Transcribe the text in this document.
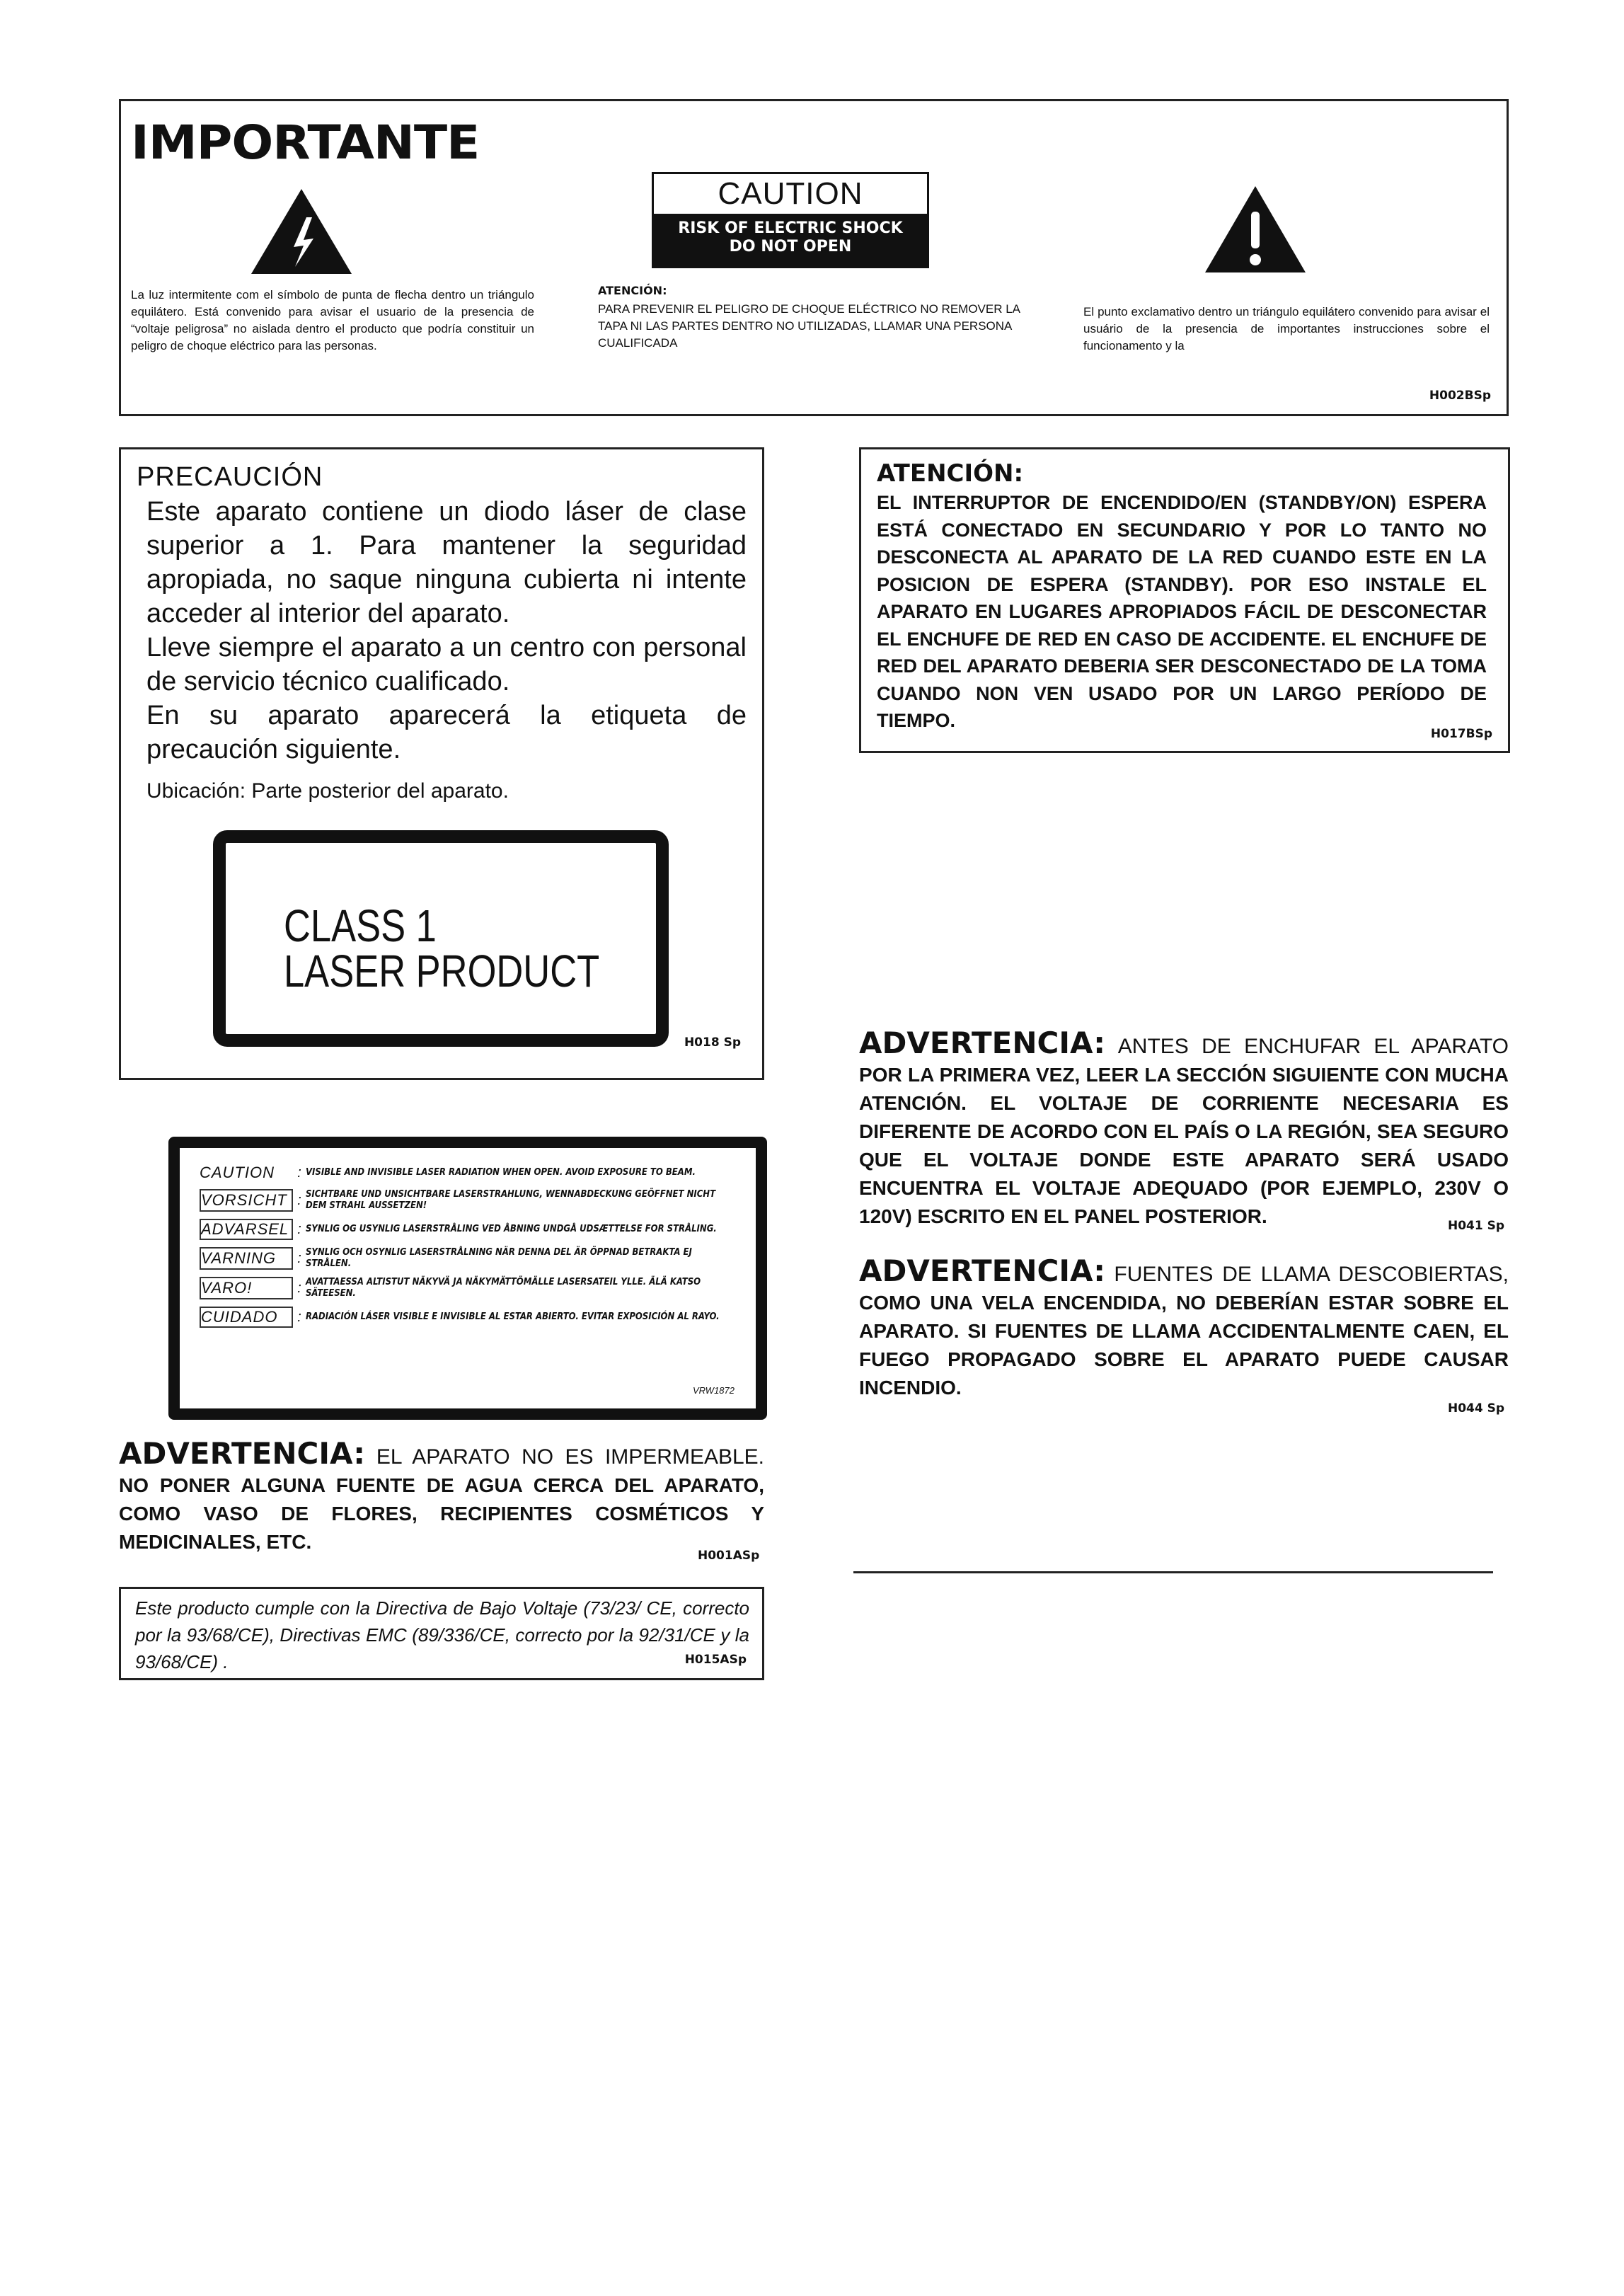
IMPORTANTE
CAUTION
RISK OF ELECTRIC SHOCK
DO NOT OPEN
La luz intermitente com el símbolo de punta de flecha dentro un triángulo equilátero. Está convenido para avisar el usuario de la presencia de “voltaje peligrosa” no aislada dentro el producto que podría constituir un peligro de choque eléctrico para las personas.
ATENCIÓN:
PARA PREVENIR EL PELIGRO DE CHOQUE ELÉCTRICO NO REMOVER LA TAPA NI LAS PARTES DENTRO NO UTILIZADAS, LLAMAR UNA PERSONA CUALIFICADA
El punto exclamativo dentro un triángulo equilátero convenido para avisar el usuário de la presencia de importantes instrucciones sobre el funcionamento y la
H002BSp
PRECAUCIÓN
Este aparato contiene un diodo láser de clase superior a 1. Para mantener la seguridad apropiada, no saque ninguna cubierta ni intente acceder al interior del aparato.
Lleve siempre el aparato a un centro con personal de servicio técnico cualificado.
En su aparato aparecerá la etiqueta de precaución siguiente.
Ubicación: Parte posterior del aparato.
CLASS 1
LASER PRODUCT
H018 Sp
CAUTION	:	VISIBLE AND INVISIBLE LASER RADIATION WHEN OPEN. AVOID EXPOSURE TO BEAM.
VORSICHT	:	SICHTBARE UND UNSICHTBARE LASERSTRAHLUNG, WENNABDECKUNG GEÖFFNET NICHT DEM STRAHL AUSSETZEN!
ADVARSEL	:	SYNLIG OG USYNLIG LASERSTRÅLING VED ÅBNING UNDGÅ UDSÆTTELSE FOR STRÅLING.
VARNING	:	SYNLIG OCH OSYNLIG LASERSTRÅLNING NÄR DENNA DEL ÄR ÖPPNAD BETRAKTA EJ STRÅLEN.
VARO!	:	AVATTAESSA ALTISTUT NÄKYVÄ JA NÄKYMÄTTÖMÄLLE LASERSATEIL YLLE. ÄLÄ KATSO SÄTEESEN.
CUIDADO	:	RADIACIÓN LÁSER VISIBLE E INVISIBLE AL ESTAR ABIERTO. EVITAR EXPOSICIÓN AL RAYO.
VRW1872
ADVERTENCIA: EL APARATO NO ES IMPERMEABLE. NO PONER ALGUNA FUENTE DE AGUA CERCA DEL APARATO, COMO VASO DE FLORES, RECIPIENTES COSMÉTICOS Y MEDICINALES, ETC.
H001ASp
Este producto cumple con la Directiva de Bajo Voltaje (73/23/ CE, correcto por la 93/68/CE), Directivas EMC (89/336/CE, correcto por la 92/31/CE y la 93/68/CE) .	H015ASp
ATENCIÓN:
EL INTERRUPTOR DE ENCENDIDO/EN (STANDBY/ON) ESPERA ESTÁ CONECTADO EN SECUNDARIO Y POR LO TANTO NO DESCONECTA AL APARATO DE LA RED CUANDO ESTE EN LA POSICION DE ESPERA (STANDBY). POR ESO INSTALE EL APARATO EN LUGARES APROPIADOS FÁCIL DE DESCONECTAR EL ENCHUFE DE RED EN CASO DE ACCIDENTE. EL ENCHUFE DE RED DEL APARATO DEBERIA SER DESCONECTADO DE LA TOMA CUANDO NON VEN USADO POR UN LARGO PERÍODO DE TIEMPO.
H017BSp
ADVERTENCIA: ANTES DE ENCHUFAR EL APARATO POR LA PRIMERA VEZ, LEER LA SECCIÓN SIGUIENTE CON MUCHA ATENCIÓN. EL VOLTAJE DE CORRIENTE NECESARIA ES DIFERENTE DE ACORDO CON EL PAÍS O LA REGIÓN, SEA SEGURO QUE EL VOLTAJE DONDE ESTE APARATO SERÁ USADO ENCUENTRA EL VOLTAJE ADEQUADO (POR EJEMPLO, 230V O 120V) ESCRITO EN EL PANEL POSTERIOR.	H041 Sp
ADVERTENCIA: FUENTES DE LLAMA DESCOBIERTAS, COMO UNA VELA ENCENDIDA, NO DEBERÍAN ESTAR SOBRE EL APARATO. SI FUENTES DE LLAMA ACCIDENTALMENTE CAEN, EL FUEGO PROPAGADO SOBRE EL APARATO PUEDE CAUSAR INCENDIO.
H044 Sp
